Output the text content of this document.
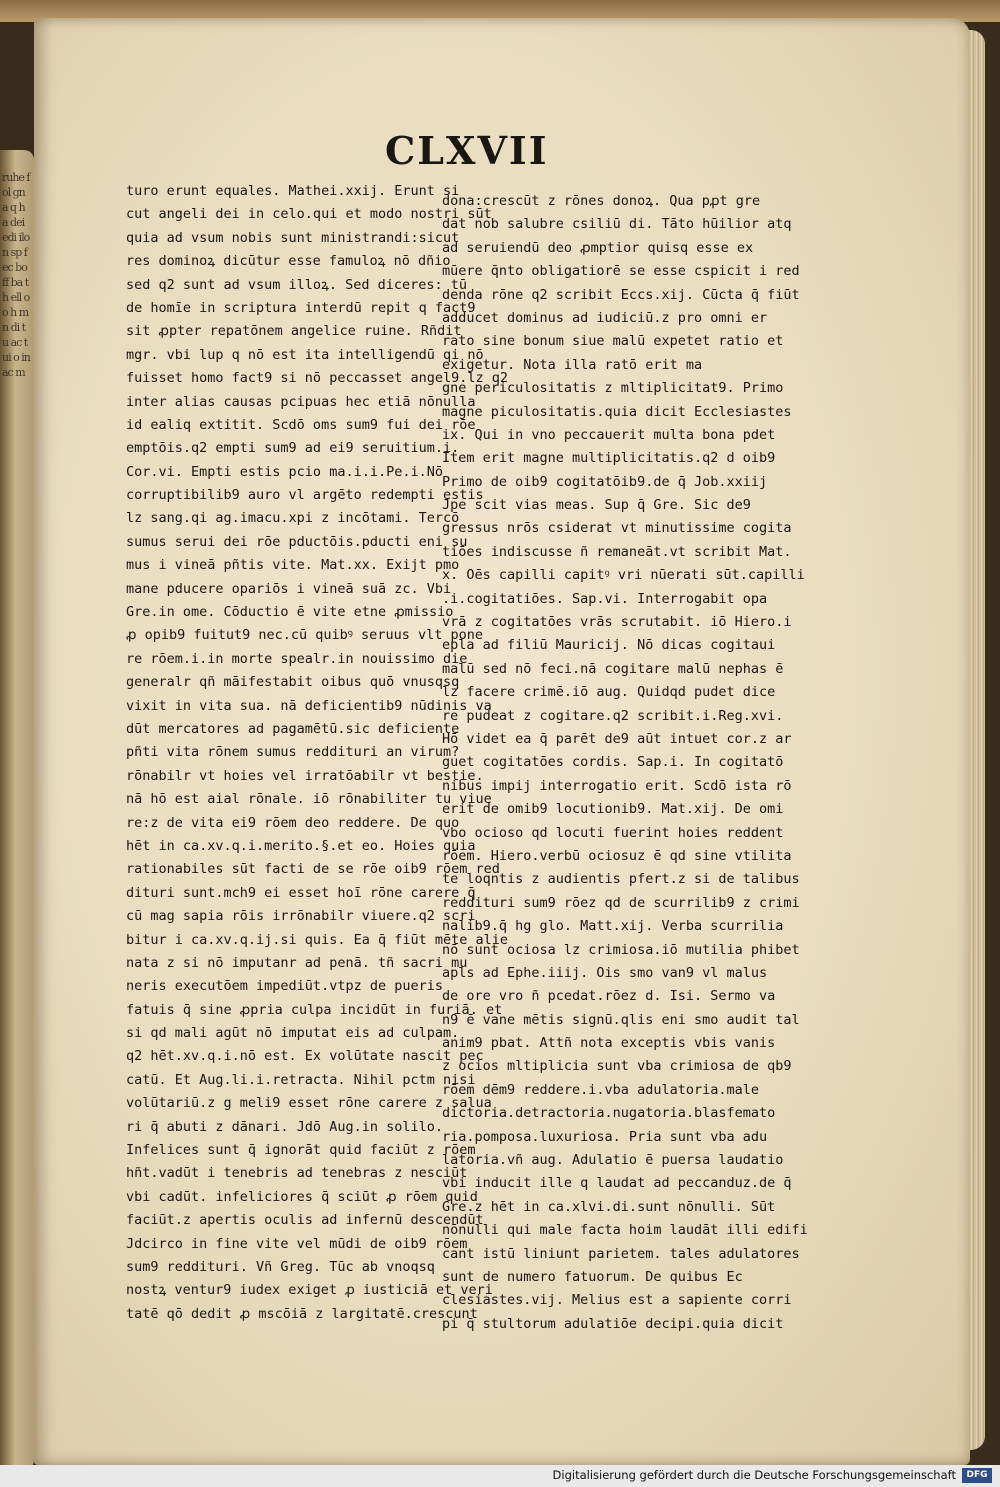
ruhe fol gna q ha dei edi ilon sp fec bo ff ba th ell oo h mn di tu ac tui o in ac m
CLXVII

turo erunt equales. Mathei.xxij. Erunt si

cut angeli dei in celo.qui et modo nostri sūt

quia ad vsum nobis sunt ministrandi:sicut

res dominoꝝ dicūtur esse famuloꝝ nō dñio

sed q2 sunt ad vsum illoꝝ. Sed diceres: tū

de homīe in scriptura interdū repit q fact9

sit ꝓpter repatōnem angelice ruine. Rñdit

mgr. vbi lup q nō est ita intelligendū qi nō

fuisset homo fact9 si nō peccasset angel9.lz q2

inter alias causas pcipuas hec etiā nōnulla

id ealiq extitit. Scdō oms sum9 fui dei rōe

emptōis.q2 empti sum9 ad ei9 seruitium.i.

Cor.vi. Empti estis pcio ma.i.i.Pe.i.Nō

corruptibilib9 auro vl argēto redempti estis

lz sang.qi ag.imacu.xpi z incōtami. Tercō

sumus serui dei rōe pductōis.pducti eni su

mus i vineā pñtis vite. Mat.xx. Exijt pmo

mane pducere opariōs i vineā suā zc. Vbi

Gre.in ome. Cōductio ē vite etne ꝓmissio

ꝓ opib9 fuitut9 nec.cū quibꝰ seruus vlt pone

re rōem.i.in morte spealr.in nouissimo die

generalr qñ māifestabit oibus quō vnusqsq

vixit in vita sua. nā deficientib9 nūdinis va

dūt mercatores ad pagamētū.sic deficiente

pñti vita rōnem sumus reddituri an virum?

rōnabilr vt hoies vel irratōabilr vt bestie.

nā hō est aial rōnale. iō rōnabiliter tu viue

re:z de vita ei9 rōem deo reddere. De quo

hēt in ca.xv.q.i.merito.§.et eo. Hoies quia

rationabiles sūt facti de se rōe oib9 rōem red

dituri sunt.mch9 ei esset hoī rōne carere q̄

cū mag sapia rōis irrōnabilr viuere.q2 scri

bitur i ca.xv.q.ij.si quis. Ea q̄ fiūt mēte alie

nata z si nō imputanr ad penā. tñ sacri mu

neris executōem impediūt.vtpz de pueris

fatuis q̄ sine ꝓpria culpa incidūt in furiā. et

si qd mali agūt nō imputat eis ad culpam.

q2 hēt.xv.q.i.nō est. Ex volūtate nascit pec

catū. Et Aug.li.i.retracta. Nihil pctm nisi

volūtariū.z g meli9 esset rōne carere z salua

ri q̄ abuti z dānari. Jdō Aug.in solilo.

Infelices sunt q̄ ignorāt quid faciūt z rōem

hñt.vadūt i tenebris ad tenebras z nesciūt

vbi cadūt. infeliciores q̄ sciūt ꝓ rōem quid

faciūt.z apertis oculis ad infernū descendūt

Jdcirco in fine vite vel mūdi de oib9 rōem

sum9 reddituri. Vñ Greg. Tūc ab vnoqsq

nostꝝ ventur9 iudex exiget ꝓ iusticiā et veri

tatē qō dedit ꝓ mscōiā z largitatē.crescunt

dona:crescūt z rōnes donoꝝ. Qua pꝓt gre

dat nob salubre csiliū di. Tāto hūilior atq

ad seruiendū deo ꝓmptior quisq esse ex

mūere q̄nto obligatiorē se esse cspicit i red

denda rōne q2 scribit Eccs.xij. Cūcta q̄ fiūt

adducet dominus ad iudiciū.z pro omni er

rato sine bonum siue malū expetet ratio et

exigetur. Nota illa ratō erit ma

gne periculositatis z mltiplicitat9. Primo

magne piculositatis.quia dicit Ecclesiastes

ix. Qui in vno peccauerit multa bona pdet

Item erit magne multiplicitatis.q2 d oib9

Primo de oib9 cogitatōib9.de q̄ Job.xxiij

Jpe scit vias meas. Sup q̄ Gre. Sic de9

gressus nrōs csiderat vt minutissime cogita

tiōes indiscusse ñ remaneāt.vt scribit Mat.

x. Oēs capilli capitꝰ vri nūerati sūt.capilli

.i.cogitatiōes. Sap.vi. Interrogabit opa

vrā z cogitatōes vrās scrutabit. iō Hiero.i

epla ad filiū Mauricij. Nō dicas cogitaui

malū sed nō feci.nā cogitare malū nephas ē

lz facere crimē.iō aug. Quidqd pudet dice

re pudeat z cogitare.q2 scribit.i.Reg.xvi.

Hō videt ea q̄ parēt de9 aūt intuet cor.z ar

guet cogitatōes cordis. Sap.i. In cogitatō

nibus impij interrogatio erit. Scdō ista rō

erit de omib9 locutionib9. Mat.xij. De omi

vbo ocioso qd locuti fuerint hoies reddent

rōem. Hiero.verbū ociosuz ē qd sine vtilita

te loqntis z audientis pfert.z si de talibus

reddituri sum9 rōez qd de scurrilib9 z crimi

nalib9.q̄ hg glo. Matt.xij. Verba scurrilia

nō sunt ociosa lz crimiosa.iō mutilia phibet

apls ad Ephe.iiij. Ois smo van9 vl malus

de ore vro ñ pcedat.rōez d. Isi. Sermo va

n9 ē vane mētis signū.qlis eni smo audit tal

anim9 pbat. Attñ nota exceptis vbis vanis

z ocios mltiplicia sunt vba crimiosa de qb9

rōem dēm9 reddere.i.vba adulatoria.male

dictoria.detractoria.nugatoria.blasfemato

ria.pomposa.luxuriosa. Pria sunt vba adu

latoria.vñ aug. Adulatio ē puersa laudatio

vbi inducit ille q laudat ad peccanduz.de q̄

Gre.z hēt in ca.xlvi.di.sunt nōnulli. Sūt

nōnulli qui male facta hoim laudāt illi edifi

cant istū liniunt parietem. tales adulatores

sunt de numero fatuorum. De quibus Ec

clesiastes.vij. Melius est a sapiente corri

pi q̄ stultorum adulatiōe decipi.quia dicit

Digitalisierung gefördert durch die Deutsche Forschungsgemeinschaft	DFG
